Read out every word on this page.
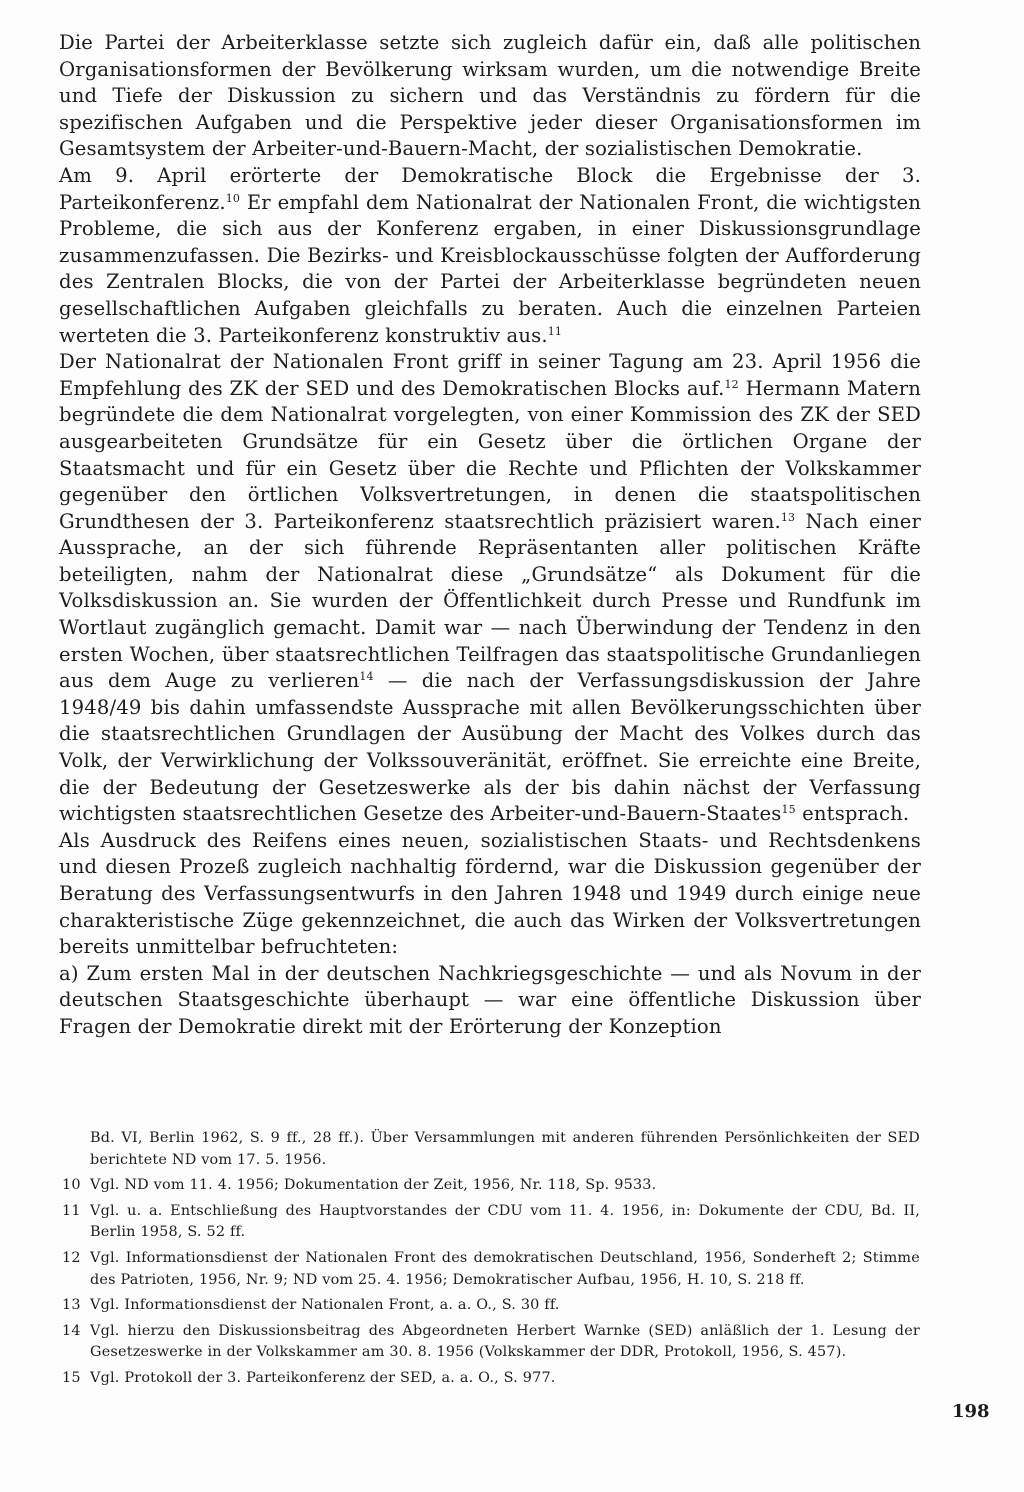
Die Partei der Arbeiterklasse setzte sich zugleich dafür ein, daß alle politischen Organisationsformen der Bevölkerung wirksam wurden, um die notwendige Breite und Tiefe der Diskussion zu sichern und das Verständnis zu fördern für die spezifischen Aufgaben und die Perspektive jeder dieser Organisationsformen im Gesamtsystem der Arbeiter-und-Bauern-Macht, der sozialistischen Demokratie.

Am 9. April erörterte der Demokratische Block die Ergebnisse der 3. Parteikonferenz.$^{10}$ Er empfahl dem Nationalrat der Nationalen Front, die wichtigsten Probleme, die sich aus der Konferenz ergaben, in einer Diskussionsgrundlage zusammenzufassen. Die Bezirks- und Kreisblockausschüsse folgten der Aufforderung des Zentralen Blocks, die von der Partei der Arbeiterklasse begründeten neuen gesellschaftlichen Aufgaben gleichfalls zu beraten. Auch die einzelnen Parteien werteten die 3. Parteikonferenz konstruktiv aus.$^{11}$

Der Nationalrat der Nationalen Front griff in seiner Tagung am 23. April 1956 die Empfehlung des ZK der SED und des Demokratischen Blocks auf.$^{12}$ Hermann Matern begründete die dem Nationalrat vorgelegten, von einer Kommission des ZK der SED ausgearbeiteten Grundsätze für ein Gesetz über die örtlichen Organe der Staatsmacht und für ein Gesetz über die Rechte und Pflichten der Volkskammer gegenüber den örtlichen Volksvertretungen, in denen die staatspolitischen Grundthesen der 3. Parteikonferenz staatsrechtlich präzisiert waren.$^{13}$ Nach einer Aussprache, an der sich führende Repräsentanten aller politischen Kräfte beteiligten, nahm der Nationalrat diese „Grundsätze“ als Dokument für die Volksdiskussion an. Sie wurden der Öffentlichkeit durch Presse und Rundfunk im Wortlaut zugänglich gemacht. Damit war — nach Überwindung der Tendenz in den ersten Wochen, über staatsrechtlichen Teilfragen das staatspolitische Grundanliegen aus dem Auge zu verlieren$^{14}$ — die nach der Verfassungsdiskussion der Jahre 1948/49 bis dahin umfassendste Aussprache mit allen Bevölkerungsschichten über die staatsrechtlichen Grundlagen der Ausübung der Macht des Volkes durch das Volk, der Verwirklichung der Volkssouveränität, eröffnet. Sie erreichte eine Breite, die der Bedeutung der Gesetzeswerke als der bis dahin nächst der Verfassung wichtigsten staatsrechtlichen Gesetze des Arbeiter-und-Bauern-Staates$^{15}$ entsprach.

Als Ausdruck des Reifens eines neuen, sozialistischen Staats- und Rechtsdenkens und diesen Prozeß zugleich nachhaltig fördernd, war die Diskussion gegenüber der Beratung des Verfassungsentwurfs in den Jahren 1948 und 1949 durch einige neue charakteristische Züge gekennzeichnet, die auch das Wirken der Volksvertretungen bereits unmittelbar befruchteten:

a) Zum ersten Mal in der deutschen Nachkriegsgeschichte — und als Novum in der deutschen Staatsgeschichte überhaupt — war eine öffentliche Diskussion über Fragen der Demokratie direkt mit der Erörterung der Konzeption

Bd. VI, Berlin 1962, S. 9 ff., 28 ff.). Über Versammlungen mit anderen führenden Persönlichkeiten der SED berichtete ND vom 17. 5. 1956.
10 Vgl. ND vom 11. 4. 1956; Dokumentation der Zeit, 1956, Nr. 118, Sp. 9533.
11 Vgl. u. a. Entschließung des Hauptvorstandes der CDU vom 11. 4. 1956, in: Dokumente der CDU, Bd. II, Berlin 1958, S. 52 ff.
12 Vgl. Informationsdienst der Nationalen Front des demokratischen Deutschland, 1956, Sonderheft 2; Stimme des Patrioten, 1956, Nr. 9; ND vom 25. 4. 1956; Demokratischer Aufbau, 1956, H. 10, S. 218 ff.
13 Vgl. Informationsdienst der Nationalen Front, a. a. O., S. 30 ff.
14 Vgl. hierzu den Diskussionsbeitrag des Abgeordneten Herbert Warnke (SED) anläßlich der 1. Lesung der Gesetzeswerke in der Volkskammer am 30. 8. 1956 (Volkskammer der DDR, Protokoll, 1956, S. 457).
15 Vgl. Protokoll der 3. Parteikonferenz der SED, a. a. O., S. 977.
198
